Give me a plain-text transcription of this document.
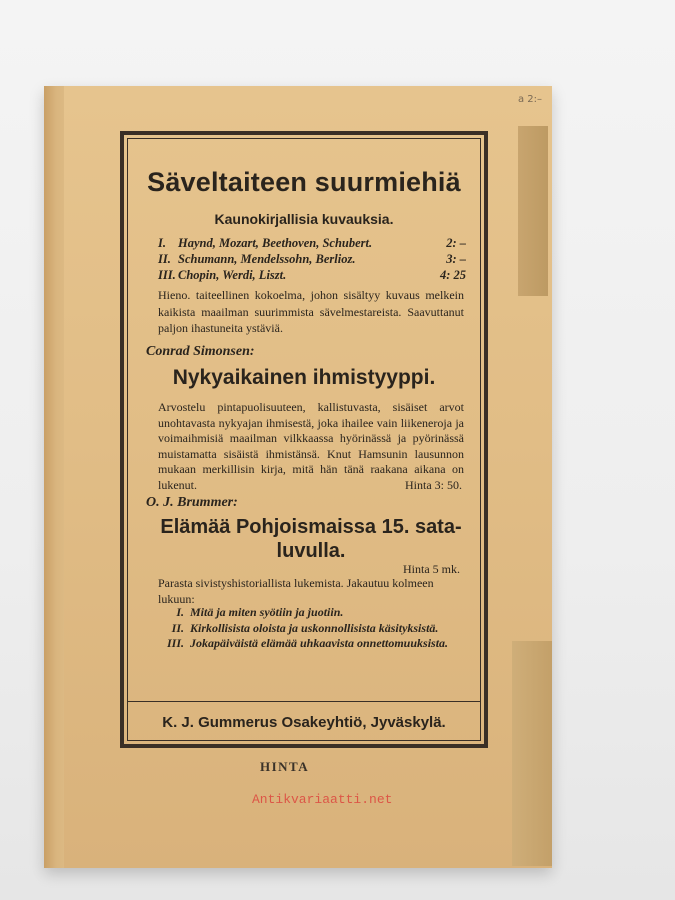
a 2:–
Säveltaiteen suurmiehiä
Kaunokirjallisia kuvauksia.
I. Haynd, Mozart, Beethoven, Schubert.	2: –
II. Schumann, Mendelssohn, Berlioz.	3: –
III. Chopin, Werdi, Liszt.	4: 25
Hieno. taiteellinen kokoelma, johon sisältyy kuvaus melkein kaikista maailman suurimmista sävelmestareista. Saavuttanut paljon ihastuneita ystäviä.
Conrad Simonsen:
Nykyaikainen ihmistyyppi.
Arvostelu pintapuolisuuteen, kallistuvasta, sisäiset arvot unohtavasta nykyajan ihmisestä, joka ihailee vain liikeneroja ja voimaihmisiä maailman vilkkaassa hyörinässä ja pyörinässä muistamatta sisäistä ihmistänsä. Knut Hamsunin lausunnon mukaan merkillisin kirja, mitä hän tänä raakana aikana on lukenut.	Hinta 3: 50.
O. J. Brummer:
Elämää Pohjoismaissa 15. sata-luvulla.
Hinta 5 mk.
Parasta sivistyshistoriallista lukemista. Jakautuu kolmeen lukuun:
I. Mitä ja miten syötiin ja juotiin.
II. Kirkollisista oloista ja uskonnollisista käsityksistä.
III. Jokapäiväistä elämää uhkaavista onnettomuuksista.
K. J. Gummerus Osakeyhtiö, Jyväskylä.
HINTA
Antikvariaatti.net
